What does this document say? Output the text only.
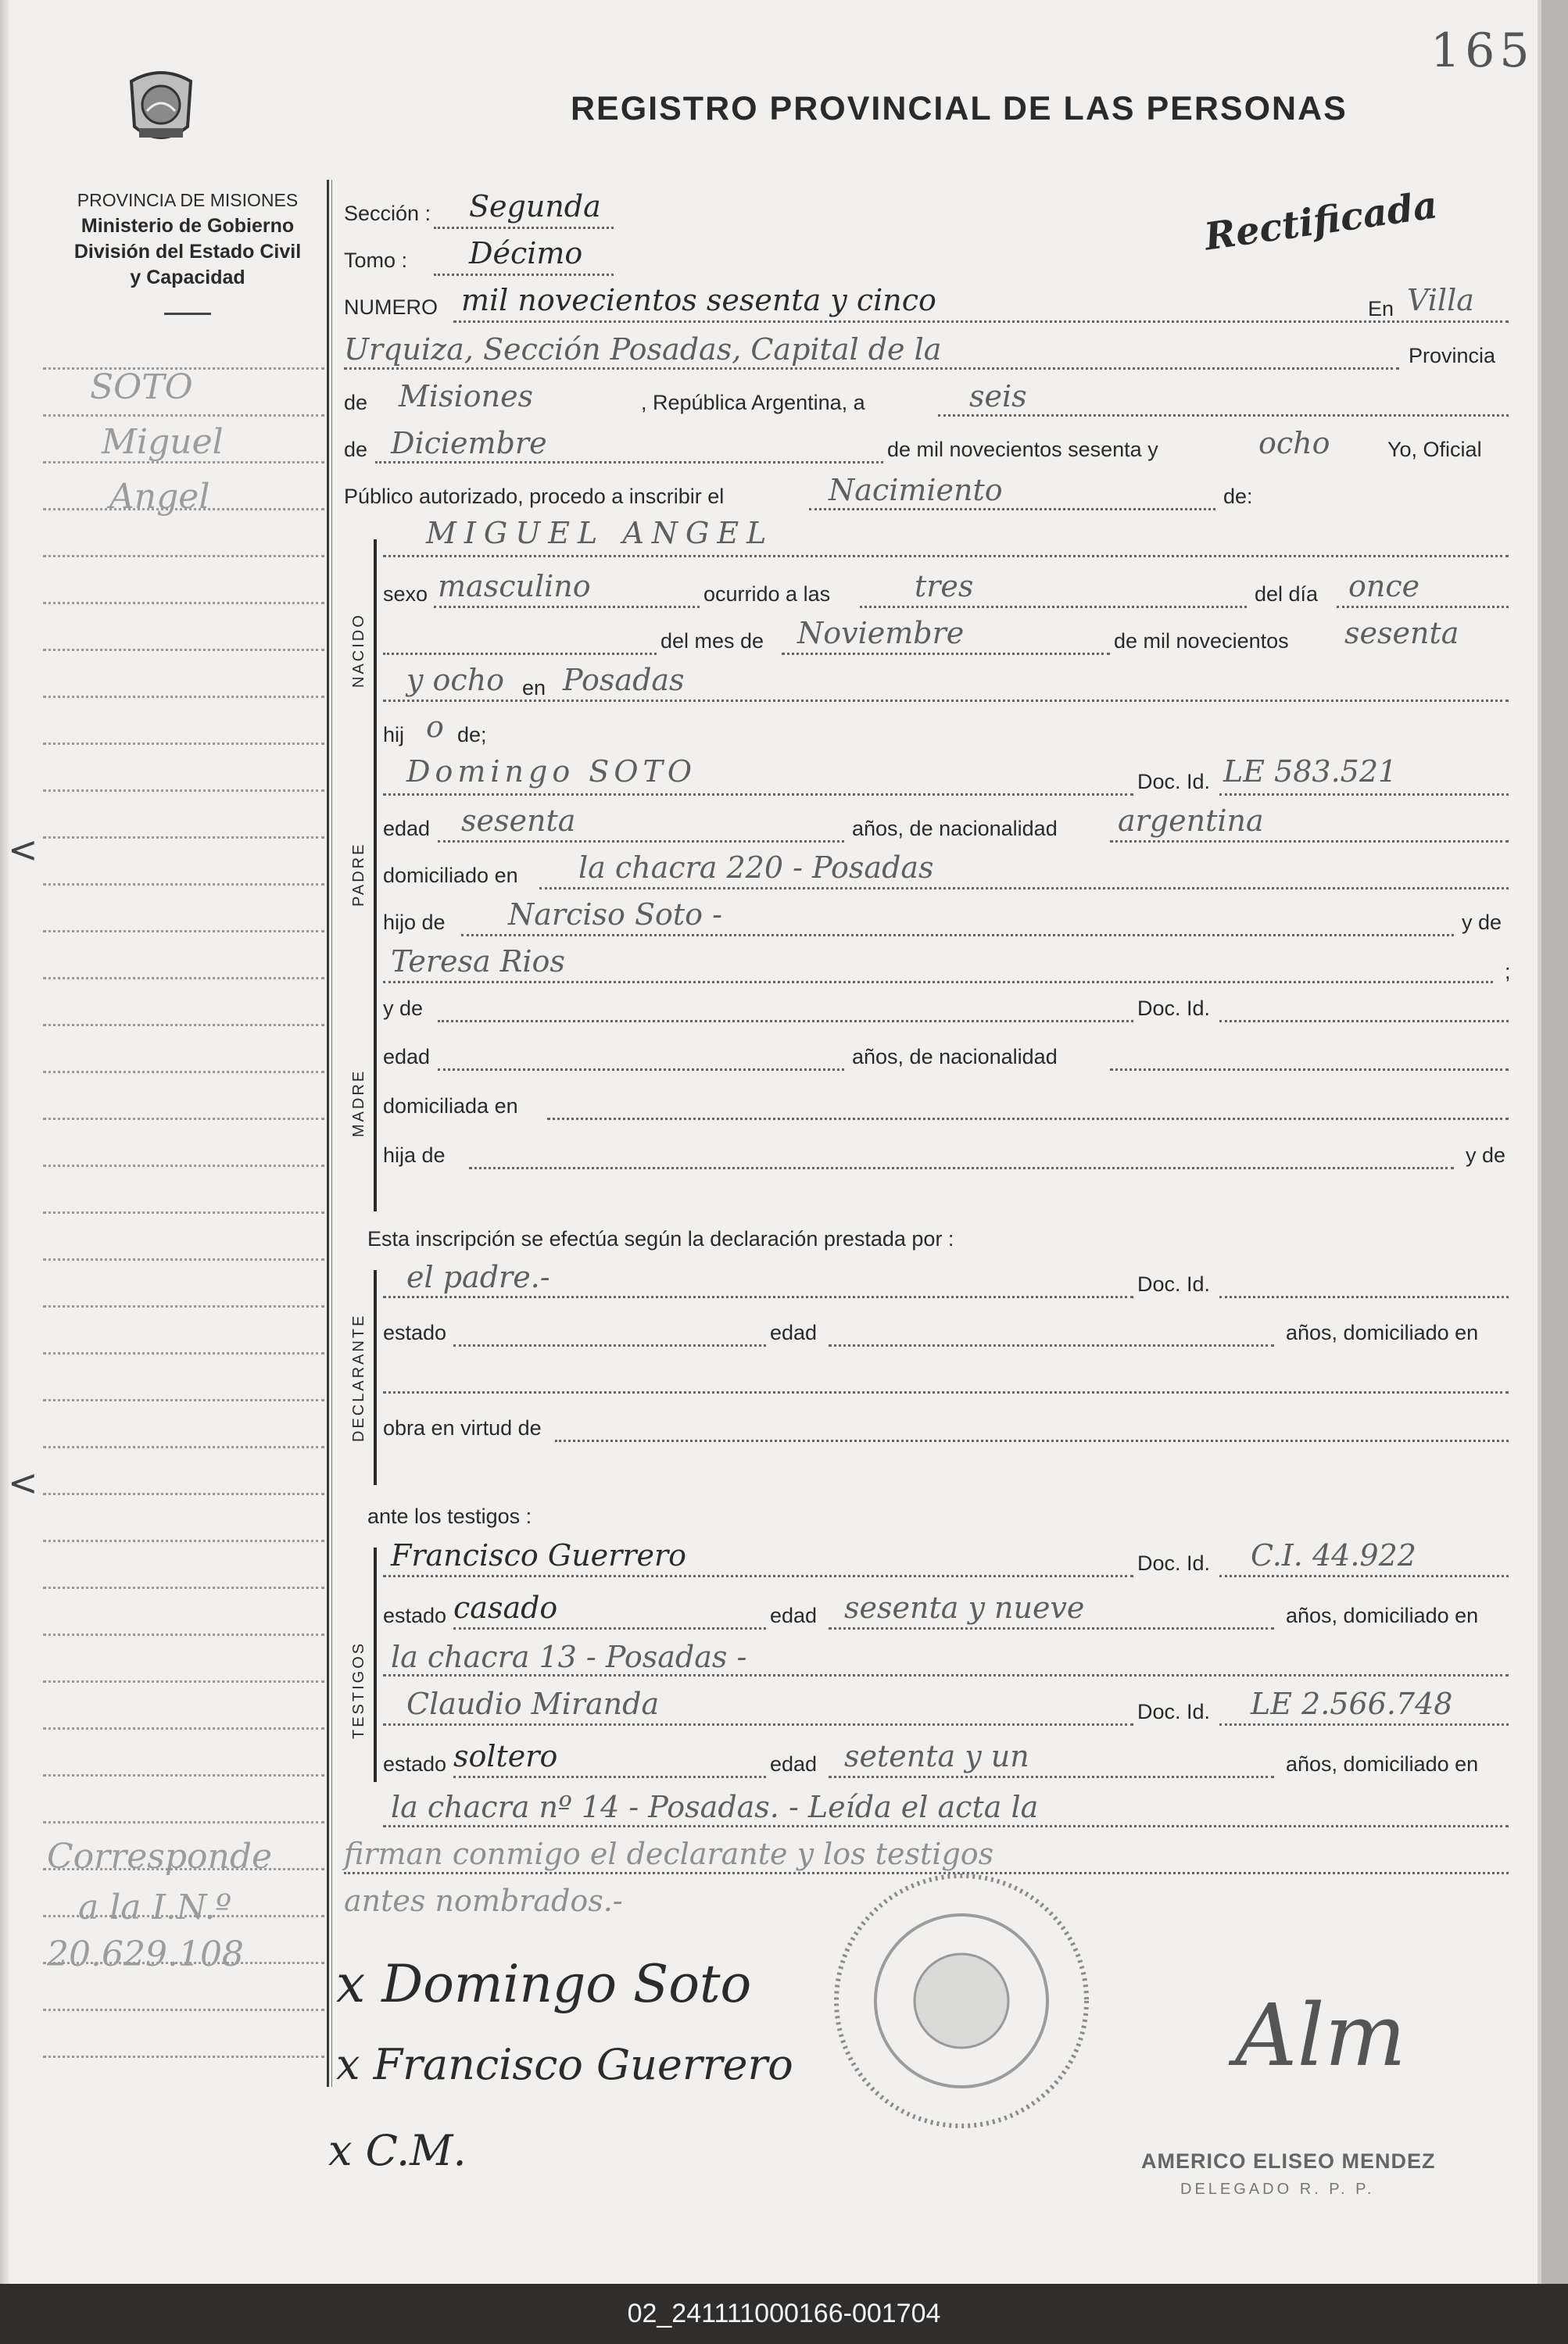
165
REGISTRO PROVINCIAL DE LAS PERSONAS
PROVINCIA DE MISIONES
Ministerio de Gobierno
División del Estado Civil
y Capacidad
SOTO
Miguel
Angel
Corresponde
a la I.N.º
20.629.108
<
<
Sección : Segunda
Tomo : Décimo
NUMERO mil novecientos sesenta y cinco
Rectificada
En Villa
Urquiza, Sección Posadas, Capital de la	Provincia
de Misiones	, República Argentina, a	seis
de Diciembre	de mil novecientos sesenta y	ocho	Yo, Oficial
Público autorizado, procedo a inscribir el	Nacimiento	de:
NACIDO
MIGUEL ANGEL
sexo masculino	ocurrido a las	tres	del día once
del mes de Noviembre	de mil novecientos sesenta
y ocho en Posadas
hij o de;
PADRE
Domingo SOTO	Doc. Id. LE 583.521
edad sesenta	años, de nacionalidad argentina
domiciliado en la chacra 220 - Posadas
hijo de Narciso Soto -	y de
Teresa Rios	;
MADRE
y de	Doc. Id.
edad	años, de nacionalidad
domiciliada en
hija de	y de
Esta inscripción se efectúa según la declaración prestada por :
DECLARANTE
el padre.-	Doc. Id.
estado	edad	años, domiciliado en
obra en virtud de
ante los testigos :
TESTIGOS
Francisco Guerrero	Doc. Id. C.I. 44.922
estado casado	edad sesenta y nueve	años, domiciliado en
la chacra 13 - Posadas -
Claudio Miranda	Doc. Id. LE 2.566.748
estado soltero	edad setenta y un	años, domiciliado en
la chacra nº 14 - Posadas. - Leída el acta la
firman conmigo el declarante y los testigos
antes nombrados.-
x Domingo Soto
x Francisco Guerrero
x C.M.
Alm
AMERICO ELISEO MENDEZ
DELEGADO R. P. P.
02_241111000166-001704
